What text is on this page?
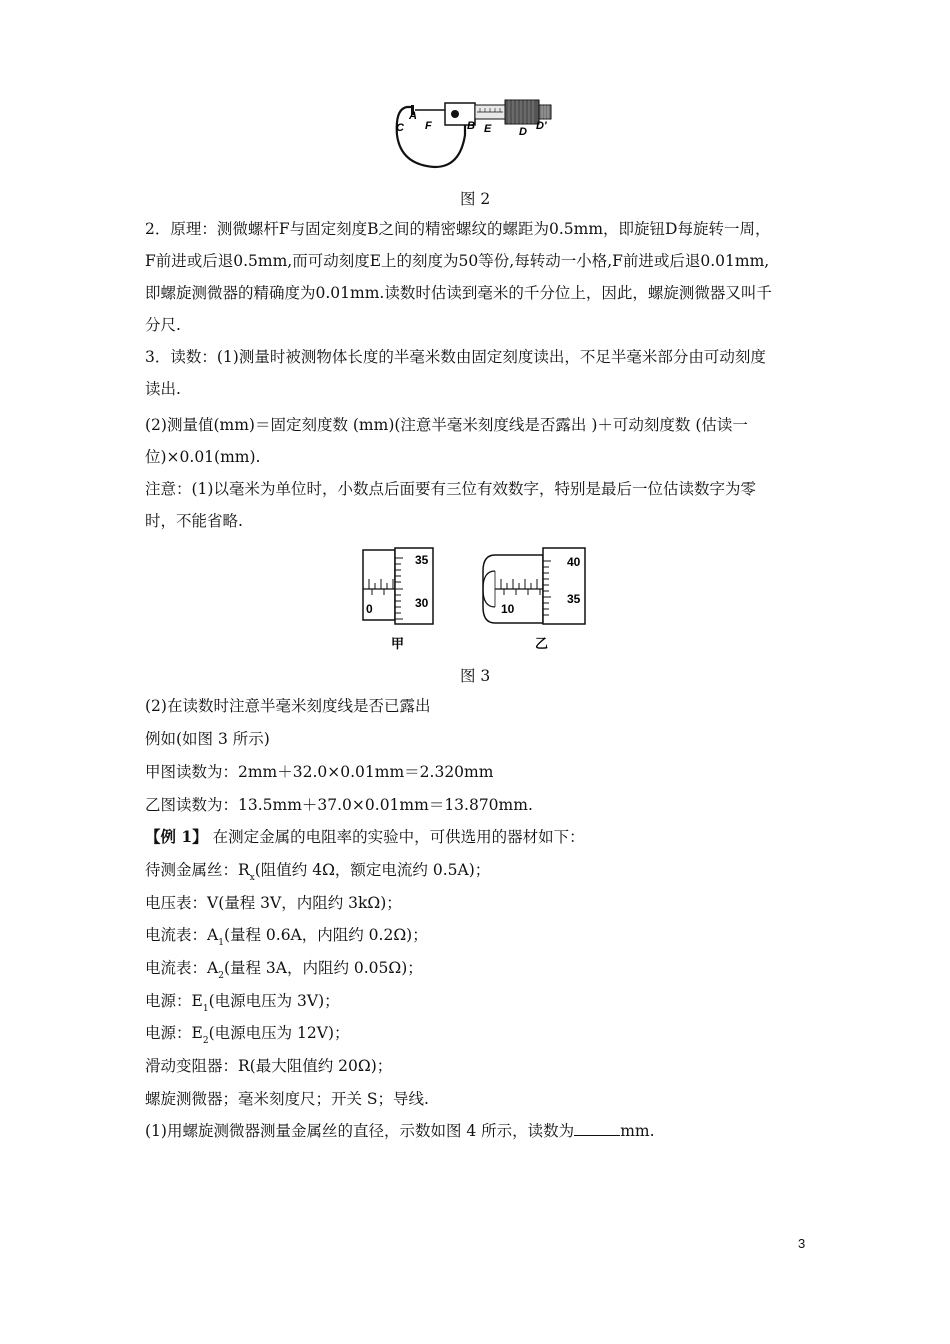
A
F
C	B E	D D'
图 2
2．原理：测微螺杆F与固定刻度B之间的精密螺纹的螺距为0.5mm，即旋钮D每旋转一周，
F前进或后退0.5mm,而可动刻度E上的刻度为50等份,每转动一小格,F前进或后退0.01mm,
即螺旋测微器的精确度为0.01mm.读数时估读到毫米的千分位上，因此，螺旋测微器又叫千
分尺.
3．读数：(1)测量时被测物体长度的半毫米数由固定刻度读出，不足半毫米部分由可动刻度
读出.
(2)测量值(mm)＝固定刻度数 (mm)(注意半毫米刻度线是否露出 )＋可动刻度数 (估读一
位)×0.01(mm).
注意：(1)以毫米为单位时，小数点后面要有三位有效数字，特别是最后一位估读数字为零
时，不能省略.
35
30
0
甲
40
35
10
乙
图 3
(2)在读数时注意半毫米刻度线是否已露出
例如(如图 3 所示)
甲图读数为：2mm＋32.0×0.01mm＝2.320mm
乙图读数为：13.5mm＋37.0×0.01mm＝13.870mm.
【例 1】 在测定金属的电阻率的实验中，可供选用的器材如下：
待测金属丝：$R_x$(阻值约 4Ω，额定电流约 0.5A)；
电压表：V(量程 3V，内阻约 3kΩ)；
电流表：$A_1$(量程 0.6A，内阻约 0.2Ω)；
电流表：$A_2$(量程 3A，内阻约 0.05Ω)；
电源：$E_1$(电源电压为 3V)；
电源：$E_2$(电源电压为 12V)；
滑动变阻器：R(最大阻值约 20Ω)；
螺旋测微器；毫米刻度尺；开关 S；导线.
(1)用螺旋测微器测量金属丝的直径，示数如图 4 所示，读数为	mm.
3
